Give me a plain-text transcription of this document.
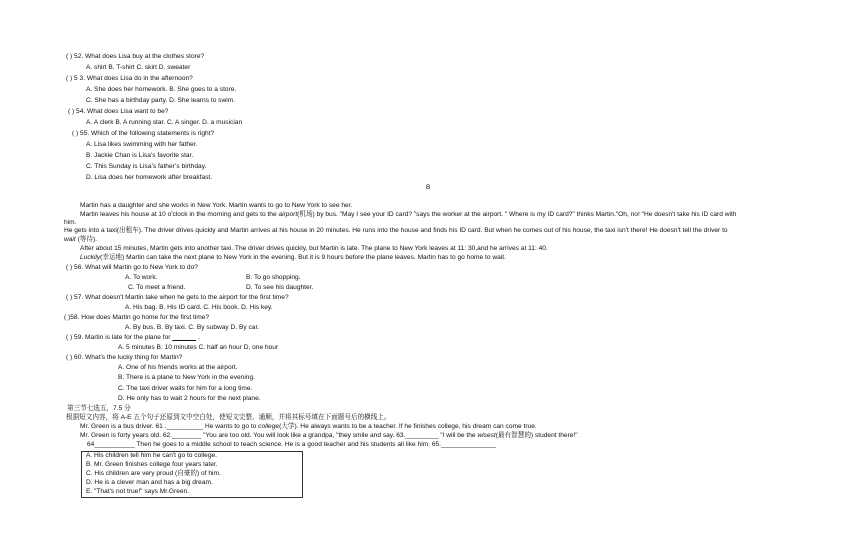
( ) 52. What does Lisa buy at the clothes store?
A. shirt B. T-shirt C. skirt D. sweater
( ) 5 3. What does Lisa do in the afternoon?
A. She does her homework. B. She goes to a store.
C. She has a birthday party. D. She learns to swim.
( ) 54. What does Lisa want to be?
A. A clerk B. A running star. C. A singer. D. a musician
( ) 55. Which of the following statements is right?
A. Lisa likes swimming with her father.
B. Jackie Chan is Lisa’s favorite star.
C. This Sunday is Lisa’s father’s birthday.
D. Lisa does her homework after breakfast.
B
Martin has a daughter and she works in New York. Martin wants to go to New York to see her.
Martin leaves his house at 10 o'clock in the morning and gets to the airport(机场) by bus. "May I see your ID card? "says the worker at the airport. " Where is my ID card?" thinks Martin."Oh, no! "He doesn't take his ID card with
him.
He gets into a taxi(出租车). The driver drives quickly and Martin arrives at his house in 20 minutes. He runs into the house and finds his ID card. But when he comes out of his house, the taxi isn't there! He doesn't tell the driver to
wait (等待).
After about 15 minutes, Martin gets into another taxi. The driver drives quickly, but Martin is late. The plane to New York leaves at 11: 30,and he arrives at 11: 40.
Luckily(幸运地) Martin can take the next plane to New York in the evening. But it is 9 hours before the plane leaves. Martin has to go home to wait.
( ) 56. What will Martin go to New York to do?
A. To work.	B. To go shopping.
C. To meet a friend.	D. To see his daughter.
( ) 57. What doesn't Martin take when he gets to the airport for the first time?
A. His bag. B. His ID card. C. His book. D. His key.
( )58. How does Martin go home for the first time?
A. By bus. B. By taxi. C. By subway D. By car.
( ) 59. Martin is late for the plane for	.
A. 5 minutes B. 10 minutes C. half an hour D, one hour
( ) 60. What's the lucky thing for Martin?
A. One of his friends works at the airport.
B. There is a plane to New York in the evening.
C. The taxi driver waits for him for a long time.
D. He only has to wait 2 hours for the next plane.
第三节七选五，7.5 分
根据短文内容，将 A-E 五个句子还原到文中空白处，使短文完整、通顺，并将其标号填在下面题号后的横线上。
Mr. Green is a bus driver. 61 .__________ He wants to go to college(大学). He always wants to be a teacher. If he finishes college, his dream can come true.
Mr. Green is forty years old. 62.________ "You are too old. You will look like a grandpa, "they smile and say. 63._________ "I will be the wisest(最有智慧的) student there!"
64___________ Then he goes to a middle school to teach science. He is a good teacher and his students all like him. 65._______________
A. His children tell him he can't go to college.
B. Mr. Green finishes college four years later.
C. His children are very proud (自豪的) of him.
D. He is a clever man and has a big dream.
E. "That's not true!" says Mr.Green.
